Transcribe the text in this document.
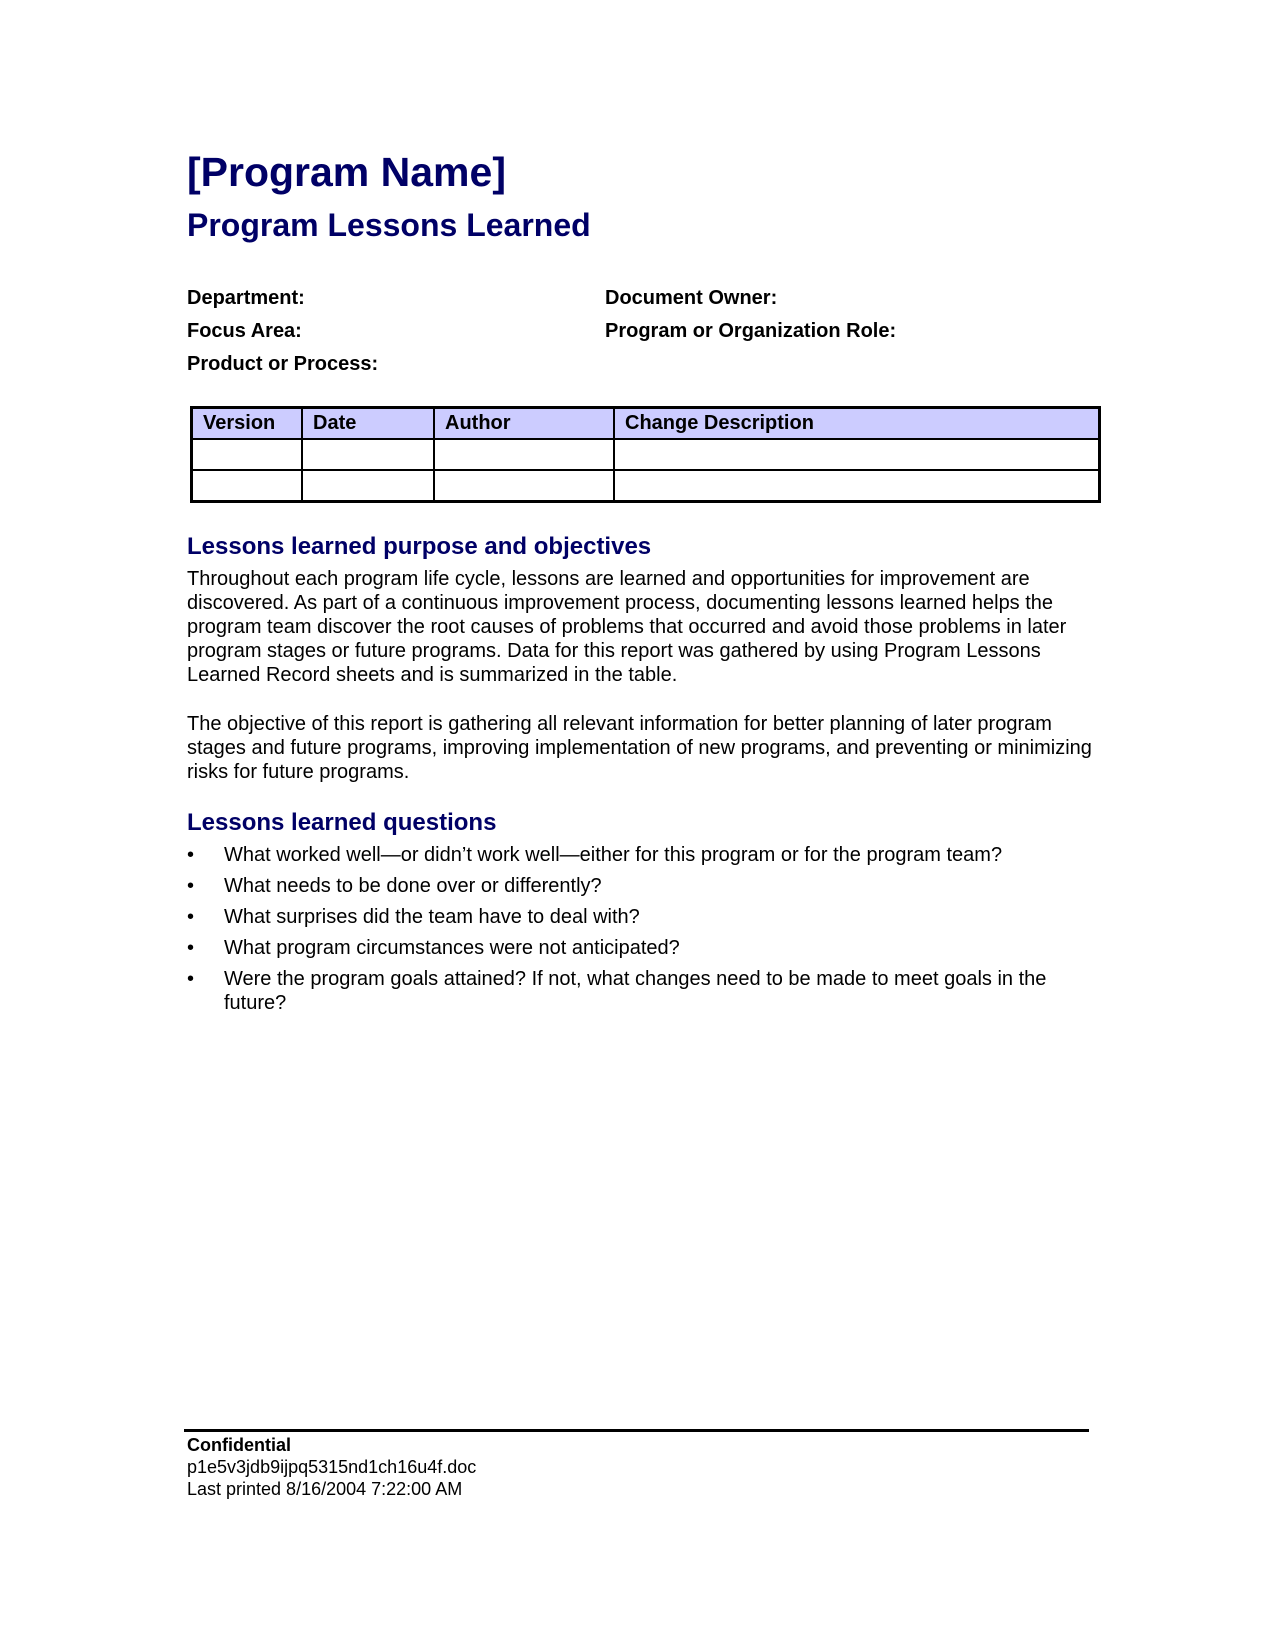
[Program Name]
Program Lessons Learned
Department:	Document Owner:
Focus Area:	Program or Organization Role:
Product or Process:
Version	Date	Author	Change Description

Lessons learned purpose and objectives

Throughout each program life cycle, lessons are learned and opportunities for improvement are discovered. As part of a continuous improvement process, documenting lessons learned helps the program team discover the root causes of problems that occurred and avoid those problems in later program stages or future programs. Data for this report was gathered by using Program Lessons Learned Record sheets and is summarized in the table.

The objective of this report is gathering all relevant information for better planning of later program stages and future programs, improving implementation of new programs, and preventing or minimizing risks for future programs.

Lessons learned questions
• What worked well—or didn’t work well—either for this program or for the program team?
• What needs to be done over or differently?
• What surprises did the team have to deal with?
• What program circumstances were not anticipated?
• Were the program goals attained? If not, what changes need to be made to meet goals in the future?
Confidential
p1e5v3jdb9ijpq5315nd1ch16u4f.doc
Last printed 8/16/2004 7:22:00 AM
